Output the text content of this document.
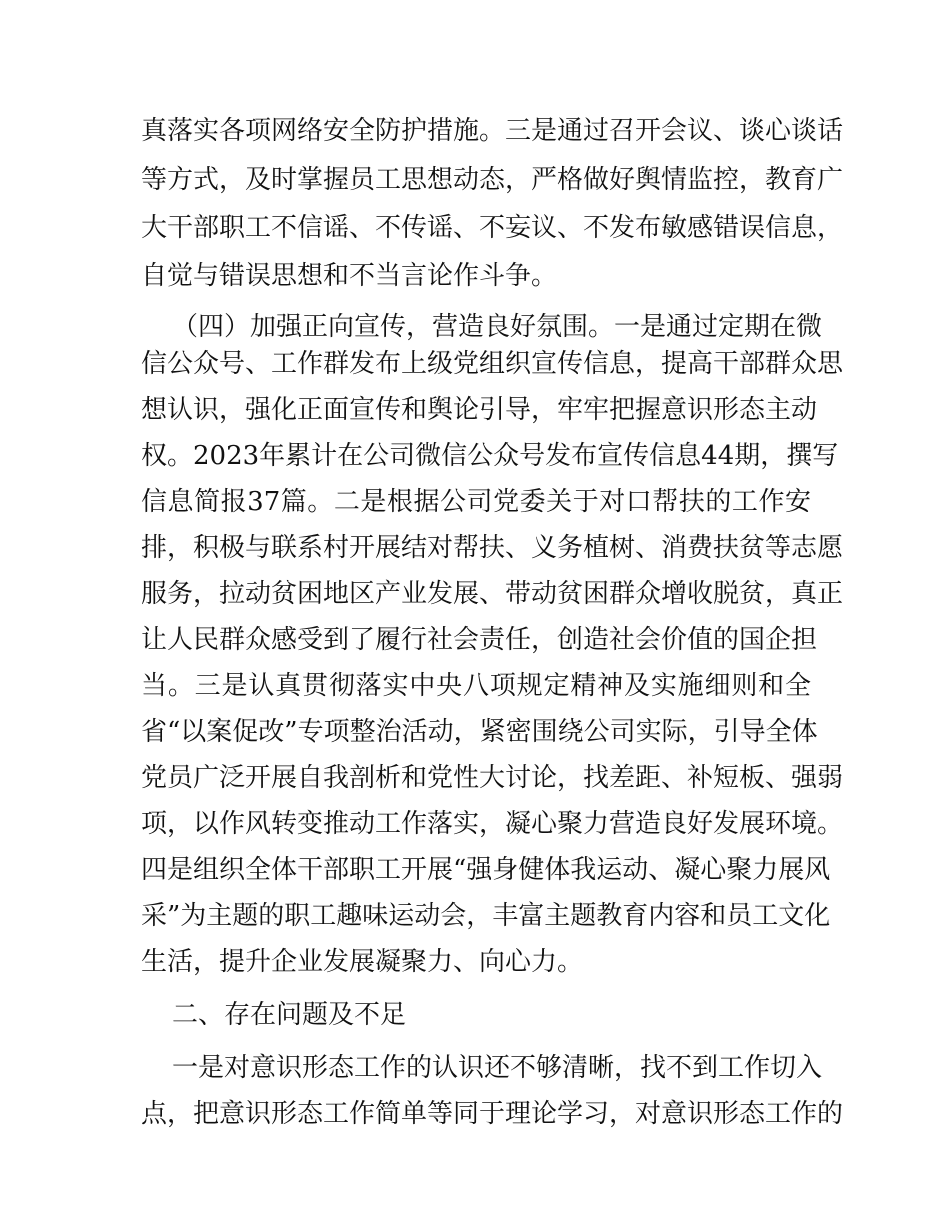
真落实各项网络安全防护措施。三是通过召开会议、谈心谈话
等方式，及时掌握员工思想动态，严格做好舆情监控，教育广
大干部职工不信谣、不传谣、不妄议、不发布敏感错误信息，
自觉与错误思想和不当言论作斗争。
（四）加强正向宣传，营造良好氛围。一是通过定期在微
信公众号、工作群发布上级党组织宣传信息，提高干部群众思
想认识，强化正面宣传和舆论引导，牢牢把握意识形态主动
权。2023年累计在公司微信公众号发布宣传信息44期，撰写
信息简报37篇。二是根据公司党委关于对口帮扶的工作安
排，积极与联系村开展结对帮扶、义务植树、消费扶贫等志愿
服务，拉动贫困地区产业发展、带动贫困群众增收脱贫，真正
让人民群众感受到了履行社会责任，创造社会价值的国企担
当。三是认真贯彻落实中央八项规定精神及实施细则和全
省“以案促改”专项整治活动，紧密围绕公司实际，引导全体
党员广泛开展自我剖析和党性大讨论，找差距、补短板、强弱
项，以作风转变推动工作落实，凝心聚力营造良好发展环境。
四是组织全体干部职工开展“强身健体我运动、凝心聚力展风
采”为主题的职工趣味运动会，丰富主题教育内容和员工文化
生活，提升企业发展凝聚力、向心力。
二、存在问题及不足
一是对意识形态工作的认识还不够清晰，找不到工作切入
点，把意识形态工作简单等同于理论学习，对意识形态工作的
